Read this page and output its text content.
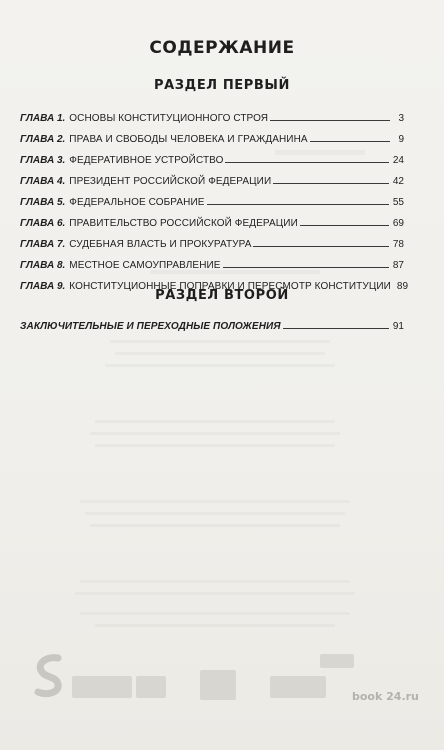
СОДЕРЖАНИЕ
РАЗДЕЛ ПЕРВЫЙ
ГЛАВА 1. ОСНОВЫ КОНСТИТУЦИОННОГО СТРОЯ	3
ГЛАВА 2. ПРАВА И СВОБОДЫ ЧЕЛОВЕКА И ГРАЖДАНИНА	9
ГЛАВА 3. ФЕДЕРАТИВНОЕ УСТРОЙСТВО	24
ГЛАВА 4. ПРЕЗИДЕНТ РОССИЙСКОЙ ФЕДЕРАЦИИ	42
ГЛАВА 5. ФЕДЕРАЛЬНОЕ СОБРАНИЕ	55
ГЛАВА 6. ПРАВИТЕЛЬСТВО РОССИЙСКОЙ ФЕДЕРАЦИИ	69
ГЛАВА 7. СУДЕБНАЯ ВЛАСТЬ И ПРОКУРАТУРА	78
ГЛАВА 8. МЕСТНОЕ САМОУПРАВЛЕНИЕ	87
ГЛАВА 9. КОНСТИТУЦИОННЫЕ ПОПРАВКИ И ПЕРЕСМОТР КОНСТИТУЦИИ 89
РАЗДЕЛ ВТОРОЙ
ЗАКЛЮЧИТЕЛЬНЫЕ И ПЕРЕХОДНЫЕ ПОЛОЖЕНИЯ	91
book 24.ru
